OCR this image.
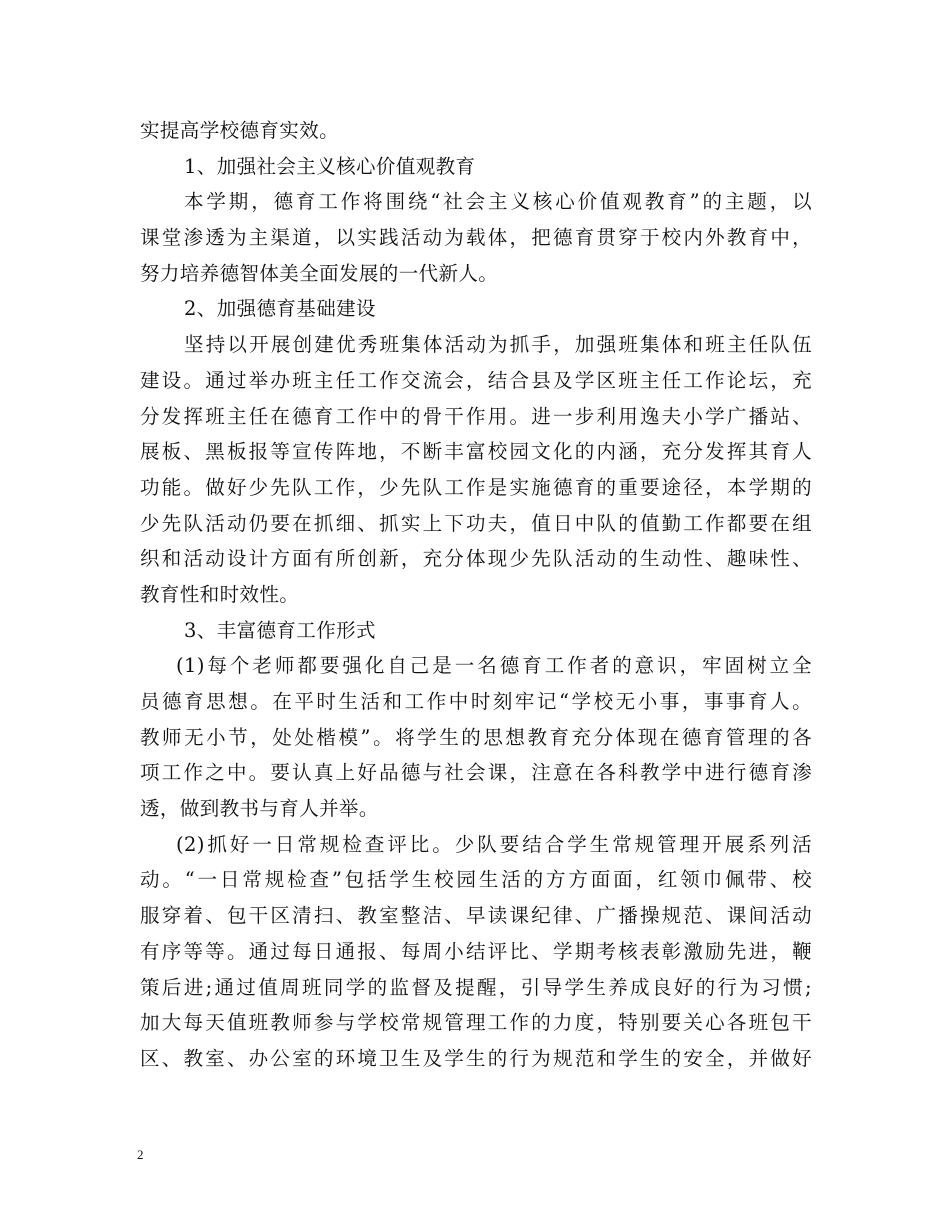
实提高学校德育实效。
1、加强社会主义核心价值观教育
本学期，德育工作将围绕“社会主义核心价值观教育”的主题，以
课堂渗透为主渠道，以实践活动为载体，把德育贯穿于校内外教育中，
努力培养德智体美全面发展的一代新人。
2、加强德育基础建设
坚持以开展创建优秀班集体活动为抓手，加强班集体和班主任队伍
建设。通过举办班主任工作交流会，结合县及学区班主任工作论坛，充
分发挥班主任在德育工作中的骨干作用。进一步利用逸夫小学广播站、
展板、黑板报等宣传阵地，不断丰富校园文化的内涵，充分发挥其育人
功能。做好少先队工作，少先队工作是实施德育的重要途径，本学期的
少先队活动仍要在抓细、抓实上下功夫，值日中队的值勤工作都要在组
织和活动设计方面有所创新，充分体现少先队活动的生动性、趣味性、
教育性和时效性。
3、丰富德育工作形式
(1)每个老师都要强化自己是一名德育工作者的意识，牢固树立全
员德育思想。在平时生活和工作中时刻牢记“学校无小事，事事育人。
教师无小节，处处楷模”。将学生的思想教育充分体现在德育管理的各
项工作之中。要认真上好品德与社会课，注意在各科教学中进行德育渗
透，做到教书与育人并举。
(2)抓好一日常规检查评比。少队要结合学生常规管理开展系列活
动。“一日常规检查”包括学生校园生活的方方面面，红领巾佩带、校
服穿着、包干区清扫、教室整洁、早读课纪律、广播操规范、课间活动
有序等等。通过每日通报、每周小结评比、学期考核表彰激励先进，鞭
策后进;通过值周班同学的监督及提醒，引导学生养成良好的行为习惯;
加大每天值班教师参与学校常规管理工作的力度，特别要关心各班包干
区、教室、办公室的环境卫生及学生的行为规范和学生的安全，并做好
2
